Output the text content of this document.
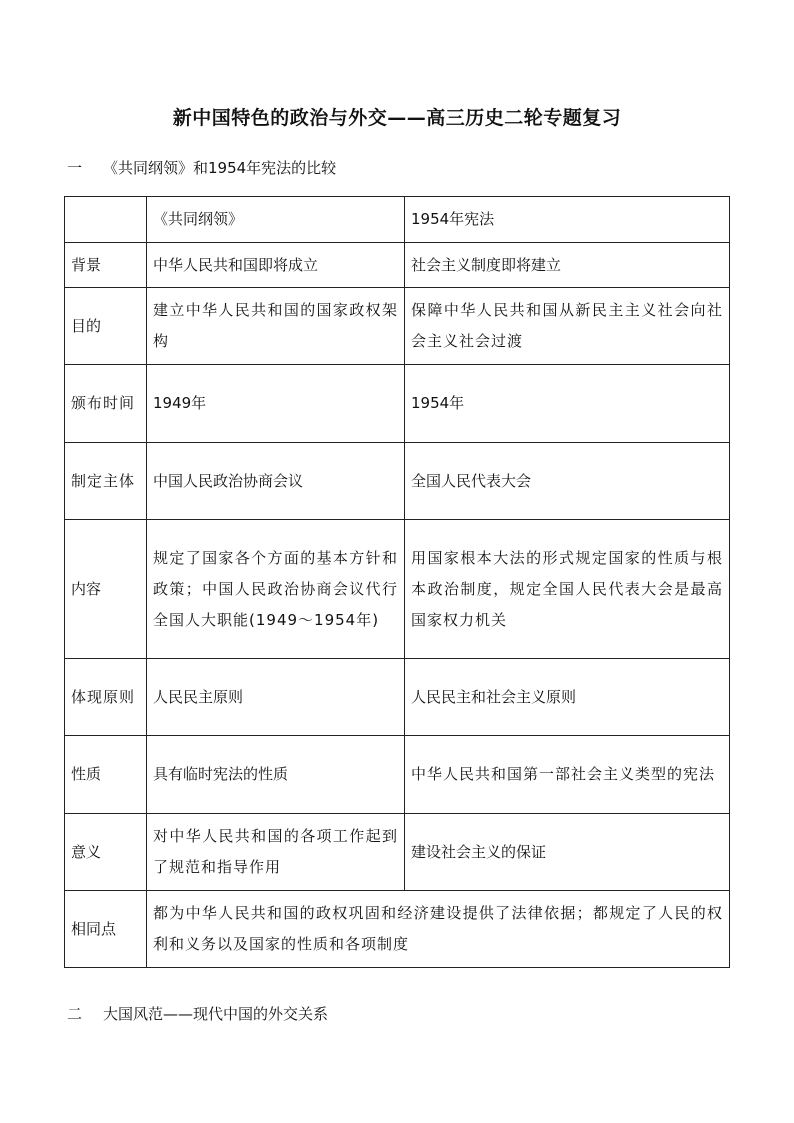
新中国特色的政治与外交——高三历史二轮专题复习
一 《共同纲领》和1954年宪法的比较
	《共同纲领》	1954年宪法
背景	中华人民共和国即将成立	社会主义制度即将建立
目的	建立中华人民共和国的国家政权架构	保障中华人民共和国从新民主主义社会向社会主义社会过渡
颁布时间	1949年	1954年
制定主体	中国人民政治协商会议	全国人民代表大会
内容	规定了国家各个方面的基本方针和政策；中国人民政治协商会议代行全国人大职能(1949～1954年)	用国家根本大法的形式规定国家的性质与根本政治制度，规定全国人民代表大会是最高国家权力机关
体现原则	人民民主原则	人民民主和社会主义原则
性质	具有临时宪法的性质	中华人民共和国第一部社会主义类型的宪法
意义	对中华人民共和国的各项工作起到了规范和指导作用	建设社会主义的保证
相同点	都为中华人民共和国的政权巩固和经济建设提供了法律依据；都规定了人民的权利和义务以及国家的性质和各项制度	
二 大国风范——现代中国的外交关系
